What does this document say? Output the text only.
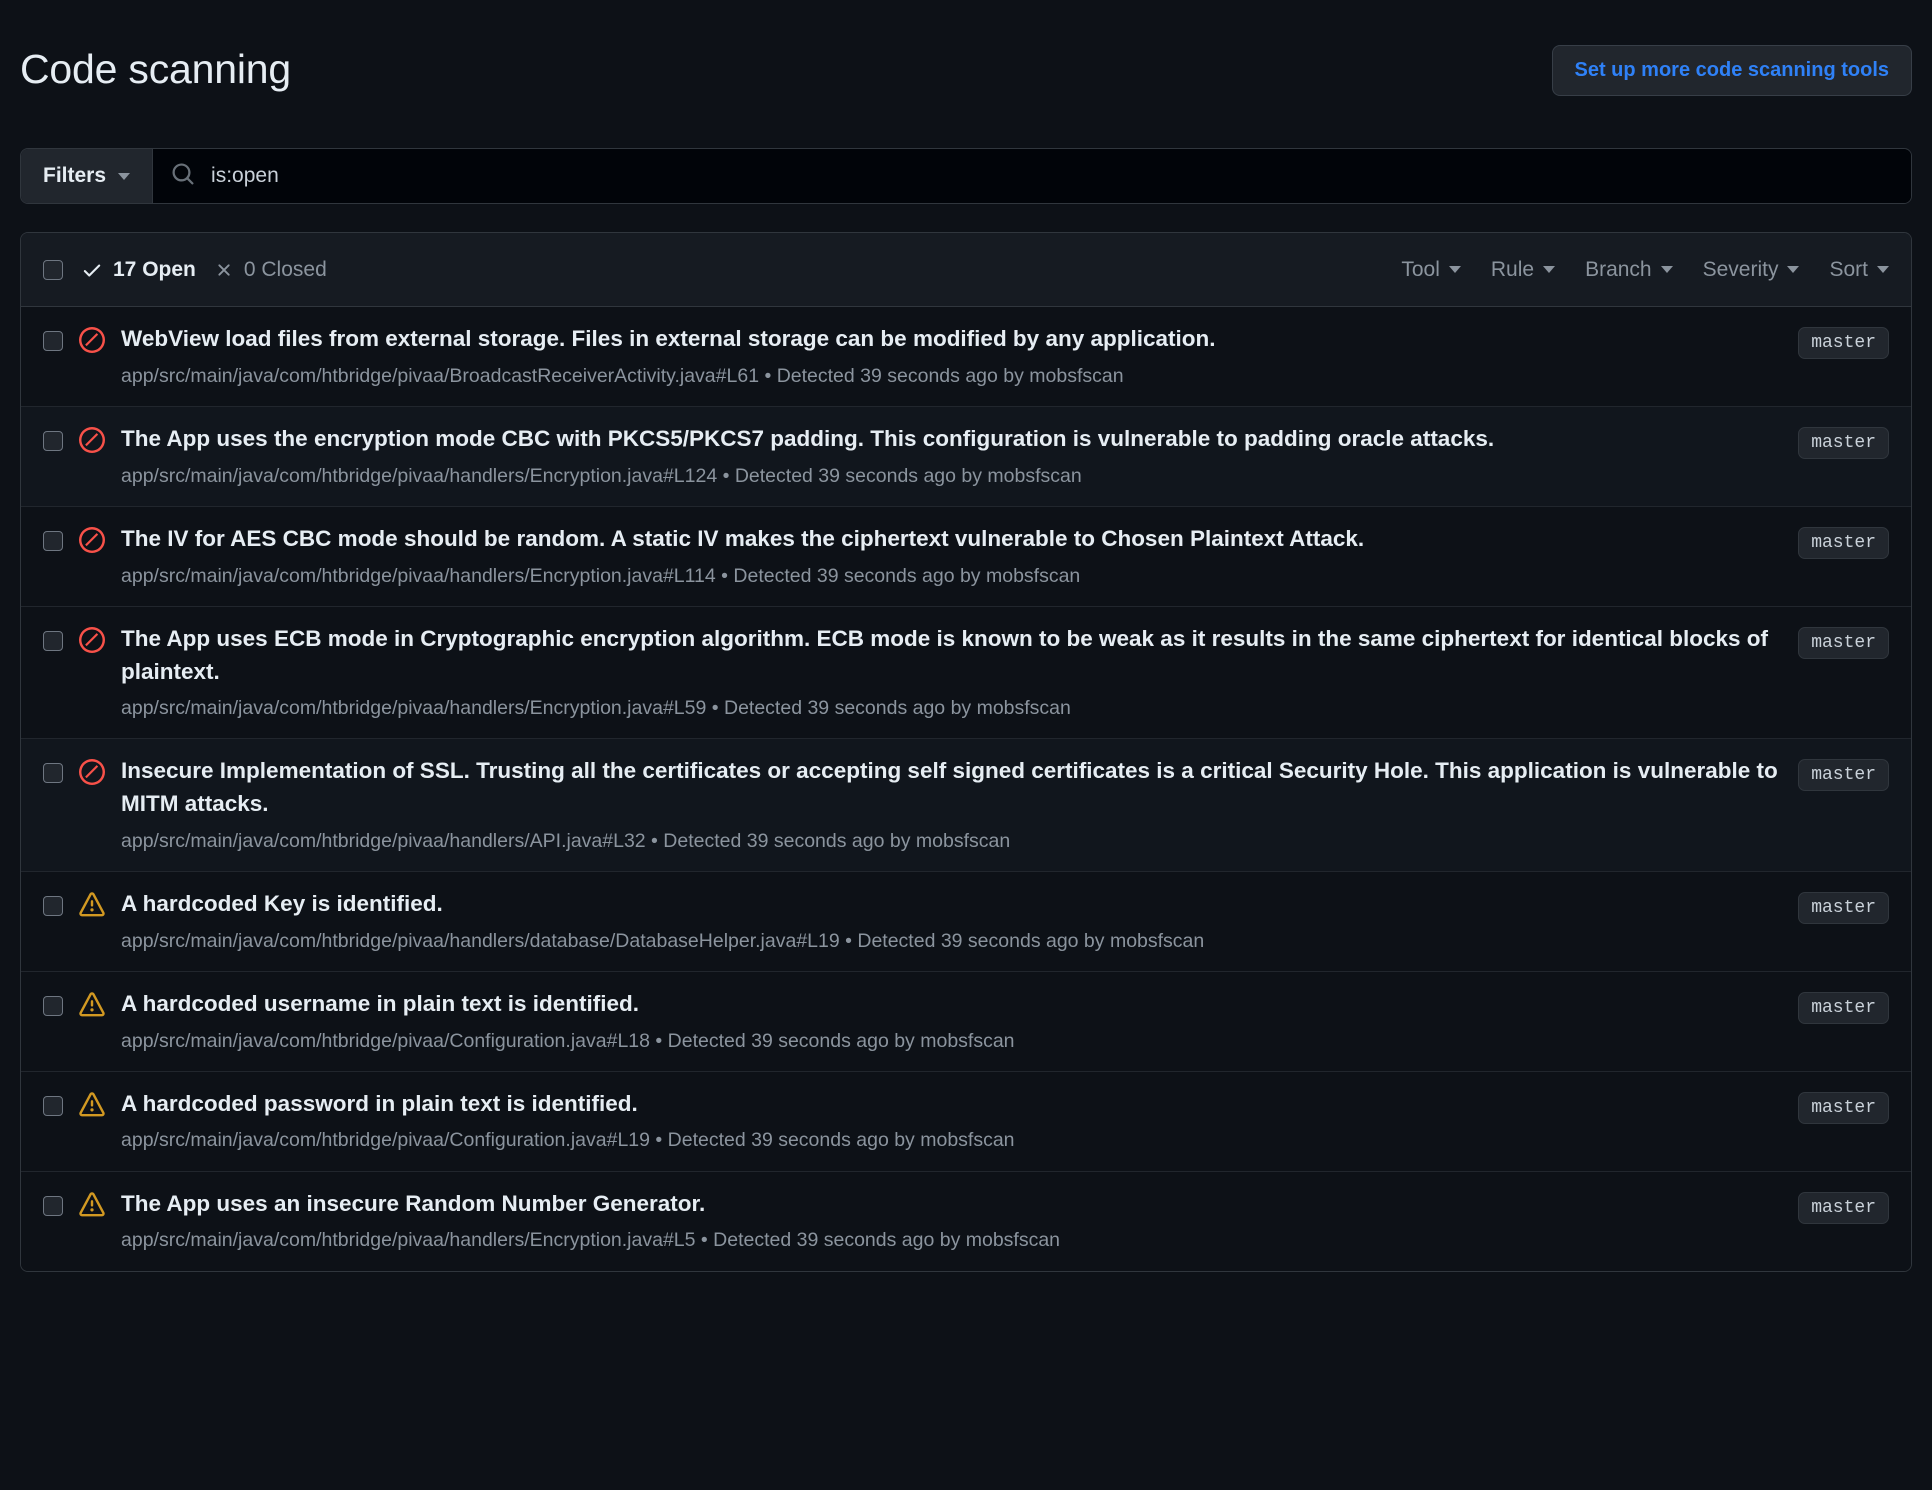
Code scanning	Set up more code scanning tools
Filters
is:open
17 Open 0 Closed	Tool Rule Branch Severity Sort
WebView load files from external storage. Files in external storage can be modified by any application.
app/src/main/java/com/htbridge/pivaa/BroadcastReceiverActivity.java#L61 • Detected 39 seconds ago by mobsfscan
master
The App uses the encryption mode CBC with PKCS5/PKCS7 padding. This configuration is vulnerable to padding oracle attacks.
app/src/main/java/com/htbridge/pivaa/handlers/Encryption.java#L124 • Detected 39 seconds ago by mobsfscan
master
The IV for AES CBC mode should be random. A static IV makes the ciphertext vulnerable to Chosen Plaintext Attack.
app/src/main/java/com/htbridge/pivaa/handlers/Encryption.java#L114 • Detected 39 seconds ago by mobsfscan
master
The App uses ECB mode in Cryptographic encryption algorithm. ECB mode is known to be weak as it results in the same ciphertext for identical blocks of plaintext.
app/src/main/java/com/htbridge/pivaa/handlers/Encryption.java#L59 • Detected 39 seconds ago by mobsfscan
master
Insecure Implementation of SSL. Trusting all the certificates or accepting self signed certificates is a critical Security Hole. This application is vulnerable to MITM attacks.
app/src/main/java/com/htbridge/pivaa/handlers/API.java#L32 • Detected 39 seconds ago by mobsfscan
master
A hardcoded Key is identified.
app/src/main/java/com/htbridge/pivaa/handlers/database/DatabaseHelper.java#L19 • Detected 39 seconds ago by mobsfscan
master
A hardcoded username in plain text is identified.
app/src/main/java/com/htbridge/pivaa/Configuration.java#L18 • Detected 39 seconds ago by mobsfscan
master
A hardcoded password in plain text is identified.
app/src/main/java/com/htbridge/pivaa/Configuration.java#L19 • Detected 39 seconds ago by mobsfscan
master
The App uses an insecure Random Number Generator.
app/src/main/java/com/htbridge/pivaa/handlers/Encryption.java#L5 • Detected 39 seconds ago by mobsfscan
master
